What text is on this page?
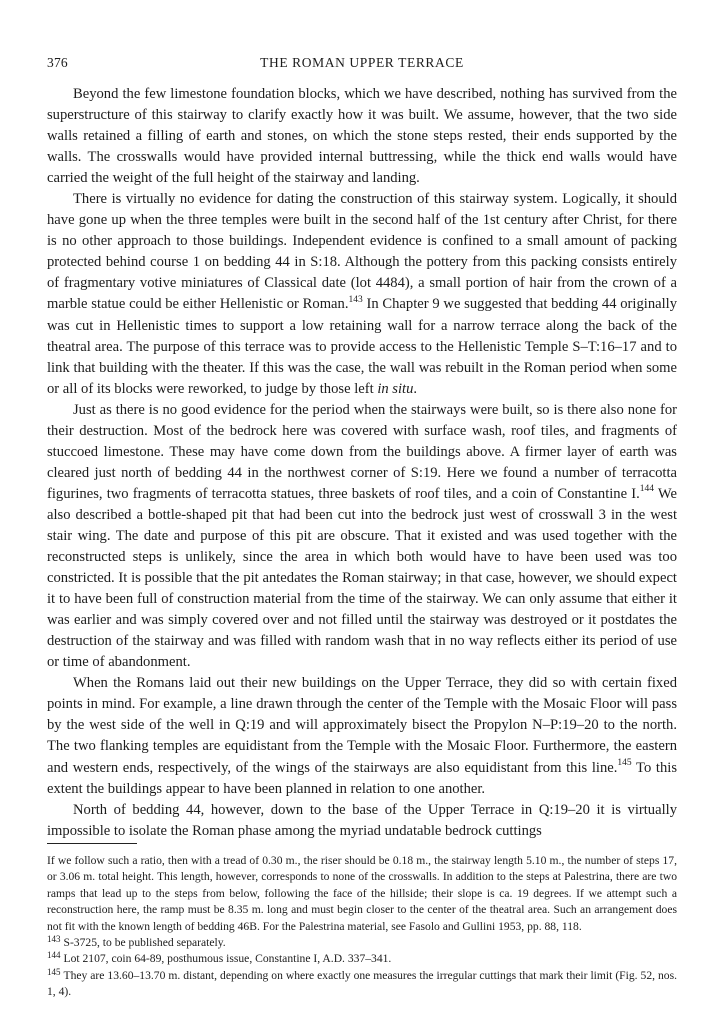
376	THE ROMAN UPPER TERRACE

Beyond the few limestone foundation blocks, which we have described, nothing has survived from the superstructure of this stairway to clarify exactly how it was built. We assume, however, that the two side walls retained a filling of earth and stones, on which the stone steps rested, their ends supported by the walls. The crosswalls would have provided internal buttressing, while the thick end walls would have carried the weight of the full height of the stairway and landing.

There is virtually no evidence for dating the construction of this stairway system. Logically, it should have gone up when the three temples were built in the second half of the 1st century after Christ, for there is no other approach to those buildings. Independent evidence is confined to a small amount of packing protected behind course 1 on bedding 44 in S:18. Although the pottery from this packing consists entirely of fragmentary votive miniatures of Classical date (lot 4484), a small portion of hair from the crown of a marble statue could be either Hellenistic or Roman.$^{143}$ In Chapter 9 we suggested that bedding 44 originally was cut in Hellenistic times to support a low retaining wall for a narrow terrace along the back of the theatral area. The purpose of this terrace was to provide access to the Hellenistic Temple S–T:16–17 and to link that building with the theater. If this was the case, the wall was rebuilt in the Roman period when some or all of its blocks were reworked, to judge by those left in situ.

Just as there is no good evidence for the period when the stairways were built, so is there also none for their destruction. Most of the bedrock here was covered with surface wash, roof tiles, and fragments of stuccoed limestone. These may have come down from the buildings above. A firmer layer of earth was cleared just north of bedding 44 in the northwest corner of S:19. Here we found a number of terracotta figurines, two fragments of terracotta statues, three baskets of roof tiles, and a coin of Constantine I.$^{144}$ We also described a bottle-shaped pit that had been cut into the bedrock just west of crosswall 3 in the west stair wing. The date and purpose of this pit are obscure. That it existed and was used together with the reconstructed steps is unlikely, since the area in which both would have to have been used was too constricted. It is possible that the pit antedates the Roman stairway; in that case, however, we should expect it to have been full of construction material from the time of the stairway. We can only assume that either it was earlier and was simply covered over and not filled until the stairway was destroyed or it postdates the destruction of the stairway and was filled with random wash that in no way reflects either its period of use or time of abandonment.

When the Romans laid out their new buildings on the Upper Terrace, they did so with certain fixed points in mind. For example, a line drawn through the center of the Temple with the Mosaic Floor will pass by the west side of the well in Q:19 and will approximately bisect the Propylon N–P:19–20 to the north. The two flanking temples are equidistant from the Temple with the Mosaic Floor. Furthermore, the eastern and western ends, respectively, of the wings of the stairways are also equidistant from this line.$^{145}$ To this extent the buildings appear to have been planned in relation to one another.

North of bedding 44, however, down to the base of the Upper Terrace in Q:19–20 it is virtually impossible to isolate the Roman phase among the myriad undatable bedrock cuttings

If we follow such a ratio, then with a tread of 0.30 m., the riser should be 0.18 m., the stairway length 5.10 m., the number of steps 17, or 3.06 m. total height. This length, however, corresponds to none of the crosswalls. In addition to the steps at Palestrina, there are two ramps that lead up to the steps from below, following the face of the hillside; their slope is ca. 19 degrees. If we attempt such a reconstruction here, the ramp must be 8.35 m. long and must begin closer to the center of the theatral area. Such an arrangement does not fit with the known length of bedding 46B. For the Palestrina material, see Fasolo and Gullini 1953, pp. 88, 118.

$^{143}$ S-3725, to be published separately.

$^{144}$ Lot 2107, coin 64-89, posthumous issue, Constantine I, A.D. 337–341.

$^{145}$ They are 13.60–13.70 m. distant, depending on where exactly one measures the irregular cuttings that mark their limit (Fig. 52, nos. 1, 4).
